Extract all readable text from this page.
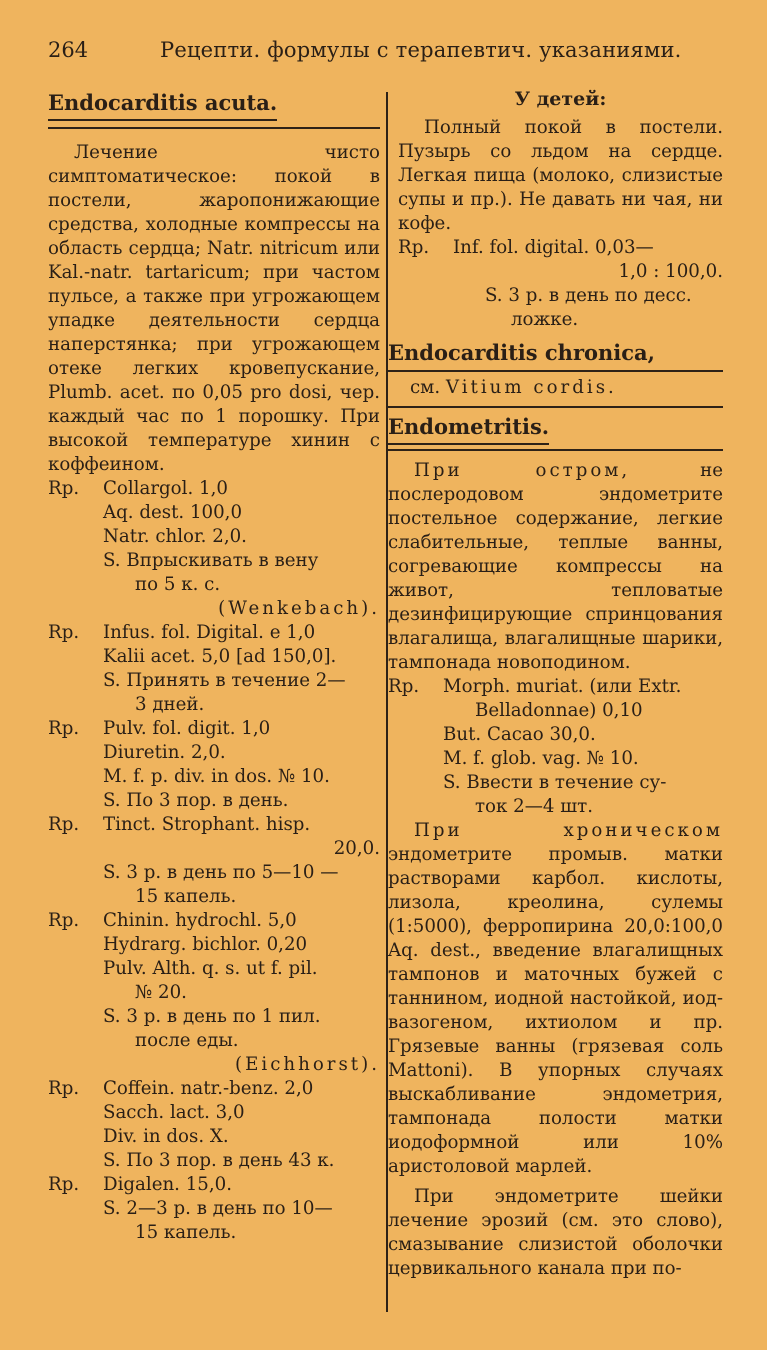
264	Рецепти. формулы с терапевтич. указаниями.
Endocarditis acuta.

Лечение чисто симптоматическое: покой в постели, жаропонижающие средства, холодные компрессы на область сердца; Natr. nitricum или Kal.-natr. tartaricum; при частом пульсе, а также при угрожающем упадке деятельности сердца наперстянка; при угрожающем отеке легких кровепускание, Plumb. acet. по 0,05 pro dosi, чер. каждый час по 1 порошку. При высокой температуре хинин с коффеином.

Rp. Collargol. 1,0
Aq. dest. 100,0
Natr. chlor. 2,0.
S. Впрыскивать в вену
по 5 к. с.
(Wenkebach).
Rp. Infus. fol. Digital. e 1,0
Kalii acet. 5,0 [ad 150,0].
S. Принять в течение 2—
3 дней.
Rp. Pulv. fol. digit. 1,0
Diuretin. 2,0.
M. f. p. div. in dos. № 10.
S. По 3 пор. в день.
Rp. Tinct. Strophant. hisp.
20,0.
S. 3 р. в день по 5—10 —
15 капель.
Rp. Chinin. hydrochl. 5,0
Hydrarg. bichlor. 0,20
Pulv. Alth. q. s. ut f. pil.
№ 20.
S. 3 р. в день по 1 пил.
после еды.
(Eichhorst).
Rp. Coffein. natr.-benz. 2,0
Sacch. lact. 3,0
Div. in dos. X.
S. По 3 пор. в день 43 к.
Rp. Digalen. 15,0.
S. 2—3 р. в день по 10—
15 капель.
У детей:

Полный покой в постели. Пузырь со льдом на сердце. Легкая пища (молоко, слизистые супы и пр.). Не давать ни чая, ни кофе.

Rp. Inf. fol. digital. 0,03—
1,0 : 100,0.
S. 3 р. в день по десс.
ложке.
Endocarditis chronica,
см. Vitium cordis.
Endometritis.

При остром,	не послеродовом эндометрите постельное содержание, легкие слабительные, теплые ванны, согревающие компрессы на живот, тепловатые дезинфицирующие спринцования влагалища, влагалищные шарики, тампонада новоподином.

Rp. Morph. muriat. (или Extr.
Belladonnae) 0,10
But. Cacao 30,0.
M. f. glob. vag. № 10.
S. Ввести в течение су-
ток 2—4 шт.

При хроническом эндометрите промыв. матки растворами карбол. кислоты, лизола, креолина, сулемы (1:5000), ферропирина 20,0:100,0 Aq. dest., введение влагалищных тампонов и маточных бужей с таннином, иодной настойкой, иод-вазогеном, ихтиолом и пр. Грязевые ванны (грязевая соль Mattoni). В упорных случаях выскабливание эндометрия, тампонада полости матки иодоформной или 10% аристоловой марлей.

При эндометрите шейки лечение эрозий (см. это слово), смазывание слизистой оболочки цервикального канала при по-
